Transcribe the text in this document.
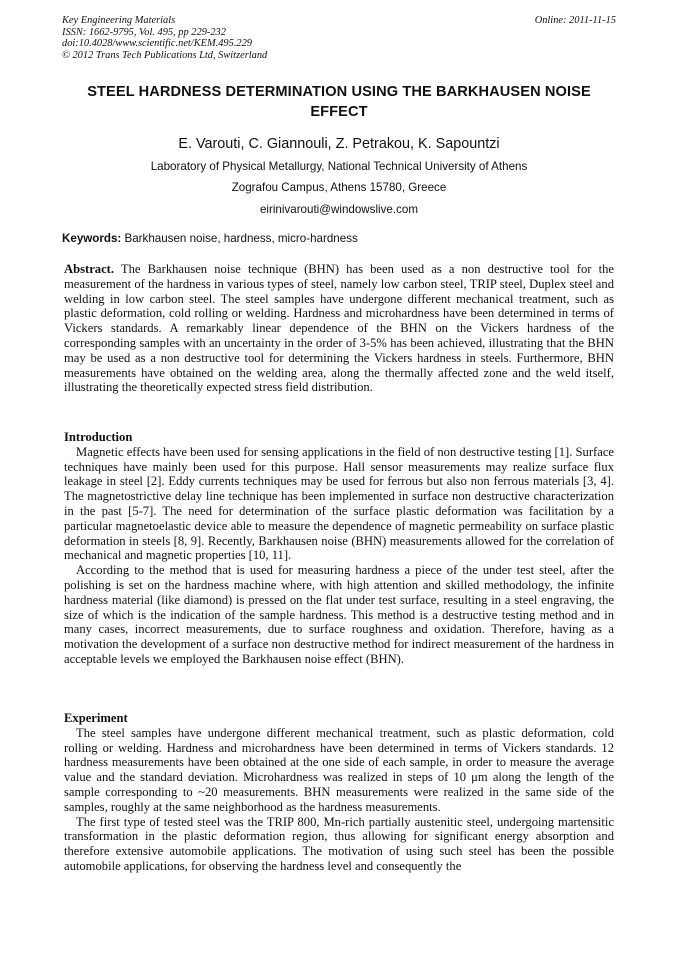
Key Engineering Materials
ISSN: 1662-9795, Vol. 495, pp 229-232
doi:10.4028/www.scientific.net/KEM.495.229
© 2012 Trans Tech Publications Ltd, Switzerland
Online: 2011-11-15
STEEL HARDNESS DETERMINATION USING THE BARKHAUSEN NOISE EFFECT
E. Varouti, C. Giannouli, Z. Petrakou, K. Sapountzi
Laboratory of Physical Metallurgy, National Technical University of Athens
Zografou Campus, Athens 15780, Greece
eirinivarouti@windowslive.com
Keywords: Barkhausen noise, hardness, micro-hardness

Abstract. The Barkhausen noise technique (BHN) has been used as a non destructive tool for the measurement of the hardness in various types of steel, namely low carbon steel, TRIP steel, Duplex steel and welding in low carbon steel. The steel samples have undergone different mechanical treatment, such as plastic deformation, cold rolling or welding. Hardness and microhardness have been determined in terms of Vickers standards. A remarkably linear dependence of the BHN on the Vickers hardness of the corresponding samples with an uncertainty in the order of 3-5% has been achieved, illustrating that the BHN may be used as a non destructive tool for determining the Vickers hardness in steels. Furthermore, BHN measurements have obtained on the welding area, along the thermally affected zone and the weld itself, illustrating the theoretically expected stress field distribution.

Introduction

Magnetic effects have been used for sensing applications in the field of non destructive testing [1]. Surface techniques have mainly been used for this purpose. Hall sensor measurements may realize surface flux leakage in steel [2]. Eddy currents techniques may be used for ferrous but also non ferrous materials [3, 4]. The magnetostrictive delay line technique has been implemented in surface non destructive characterization in the past [5-7]. The need for determination of the surface plastic deformation was facilitation by a particular magnetoelastic device able to measure the dependence of magnetic permeability on surface plastic deformation in steels [8, 9]. Recently, Barkhausen noise (BHN) measurements allowed for the correlation of mechanical and magnetic properties [10, 11].

According to the method that is used for measuring hardness a piece of the under test steel, after the polishing is set on the hardness machine where, with high attention and skilled methodology, the infinite hardness material (like diamond) is pressed on the flat under test surface, resulting in a steel engraving, the size of which is the indication of the sample hardness. This method is a destructive testing method and in many cases, incorrect measurements, due to surface roughness and oxidation. Therefore, having as a motivation the development of a surface non destructive method for indirect measurement of the hardness in acceptable levels we employed the Barkhausen noise effect (BHN).

Experiment

The steel samples have undergone different mechanical treatment, such as plastic deformation, cold rolling or welding. Hardness and microhardness have been determined in terms of Vickers standards. 12 hardness measurements have been obtained at the one side of each sample, in order to measure the average value and the standard deviation. Microhardness was realized in steps of 10 μm along the length of the sample corresponding to ~20 measurements. BHN measurements were realized in the same side of the samples, roughly at the same neighborhood as the hardness measurements.

The first type of tested steel was the TRIP 800, Mn-rich partially austenitic steel, undergoing martensitic transformation in the plastic deformation region, thus allowing for significant energy absorption and therefore extensive automobile applications. The motivation of using such steel has been the possible automobile applications, for observing the hardness level and consequently the
